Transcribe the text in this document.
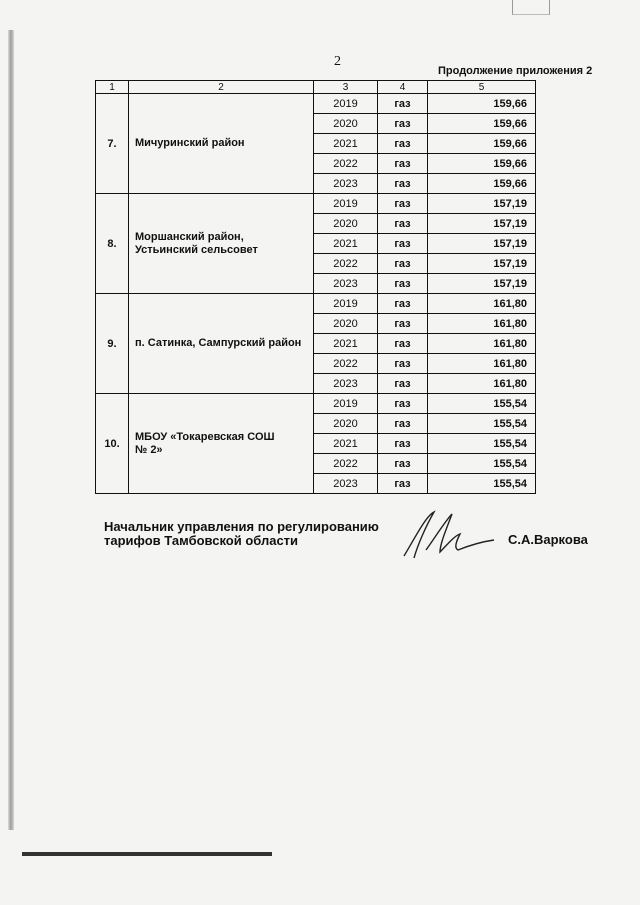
2
Продолжение приложения 2
1	2	3	4	5
7.	Мичуринский район	2019	газ	159,66
		2020	газ	159,66
		2021	газ	159,66
		2022	газ	159,66
		2023	газ	159,66
8.	Моршанский район,
Устьинский сельсовет	2019	газ	157,19
		2020	газ	157,19
		2021	газ	157,19
		2022	газ	157,19
		2023	газ	157,19
9.	п. Сатинка, Сампурский район	2019	газ	161,80
		2020	газ	161,80
		2021	газ	161,80
		2022	газ	161,80
		2023	газ	161,80
10.	МБОУ «Токаревская СОШ
№ 2»	2019	газ	155,54
		2020	газ	155,54
		2021	газ	155,54
		2022	газ	155,54
		2023	газ	155,54
Начальник управления по регулированию
тарифов Тамбовской области	С.А.Варкова
